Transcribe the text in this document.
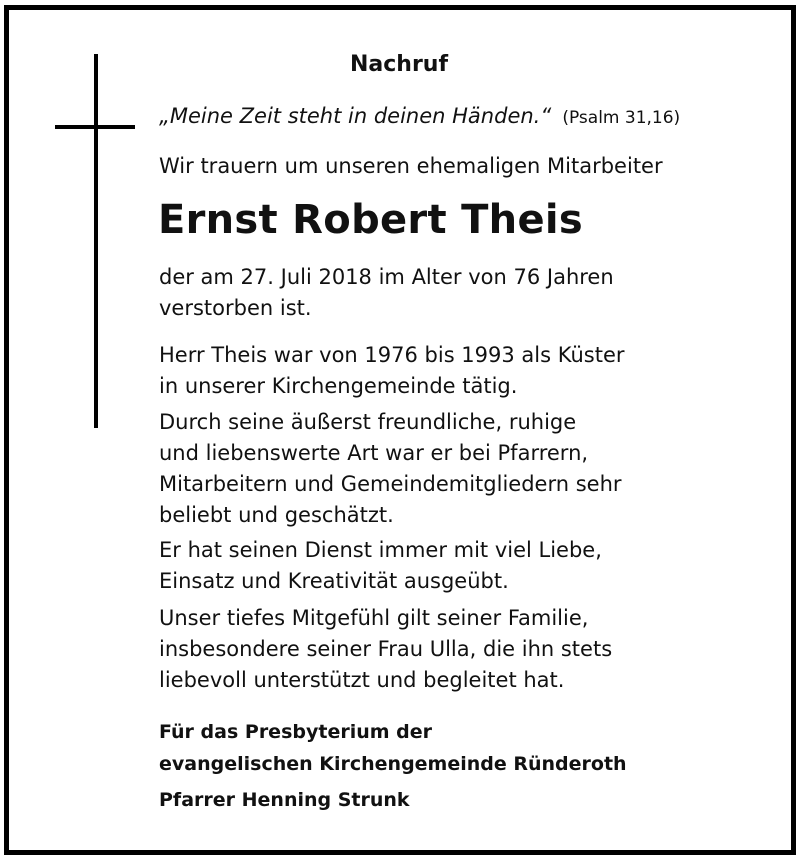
Nachruf
„Meine Zeit steht in deinen Händen.“ (Psalm 31,16)
Wir trauern um unseren ehemaligen Mitarbeiter
Ernst Robert Theis
der am 27. Juli 2018 im Alter von 76 Jahren
verstorben ist.
Herr Theis war von 1976 bis 1993 als Küster
in unserer Kirchengemeinde tätig.
Durch seine äußerst freundliche, ruhige
und liebenswerte Art war er bei Pfarrern,
Mitarbeitern und Gemeindemitgliedern sehr
beliebt und geschätzt.
Er hat seinen Dienst immer mit viel Liebe,
Einsatz und Kreativität ausgeübt.
Unser tiefes Mitgefühl gilt seiner Familie,
insbesondere seiner Frau Ulla, die ihn stets
liebevoll unterstützt und begleitet hat.
Für das Presbyterium der
evangelischen Kirchengemeinde Ründeroth
Pfarrer Henning Strunk
